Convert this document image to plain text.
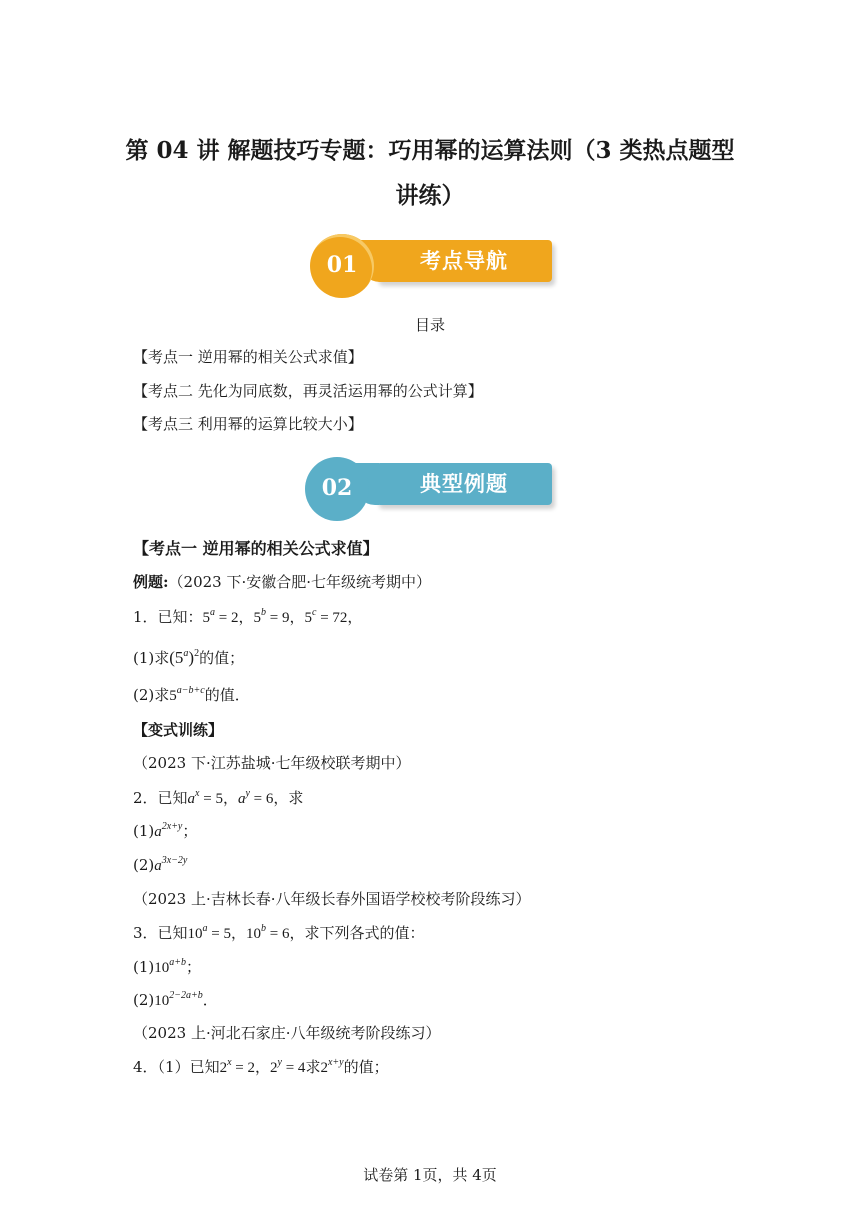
第 04 讲 解题技巧专题：巧用幂的运算法则（3 类热点题型
讲练）
01	考点导航
目录
【考点一 逆用幂的相关公式求值】
【考点二 先化为同底数，再灵活运用幂的公式计算】
【考点三 利用幂的运算比较大小】
02	典型例题
【考点一 逆用幂的相关公式求值】
例题:（2023 下·安徽合肥·七年级统考期中）
1．已知：$5^a = 2$，$5^b = 9$，$5^c = 72$，
(1)求$(5^a)^2$的值；
(2)求$5^{a-b+c}$的值．
【变式训练】
（2023 下·江苏盐城·七年级校联考期中）
2．已知$a^x = 5$，$a^y = 6$，求
$(1)a^{2x+y}$；
$(2)a^{3x-2y}$
（2023 上·吉林长春·八年级长春外国语学校校考阶段练习）
3．已知$10^a = 5$，$10^b = 6$，求下列各式的值：
$(1)10^{a+b}$；
$(2)10^{2-2a+b}$．
（2023 上·河北石家庄·八年级统考阶段练习）
4．（1）已知$2^x = 2$，$2^y = 4$求$2^{x+y}$的值；
试卷第 1页，共 4页
